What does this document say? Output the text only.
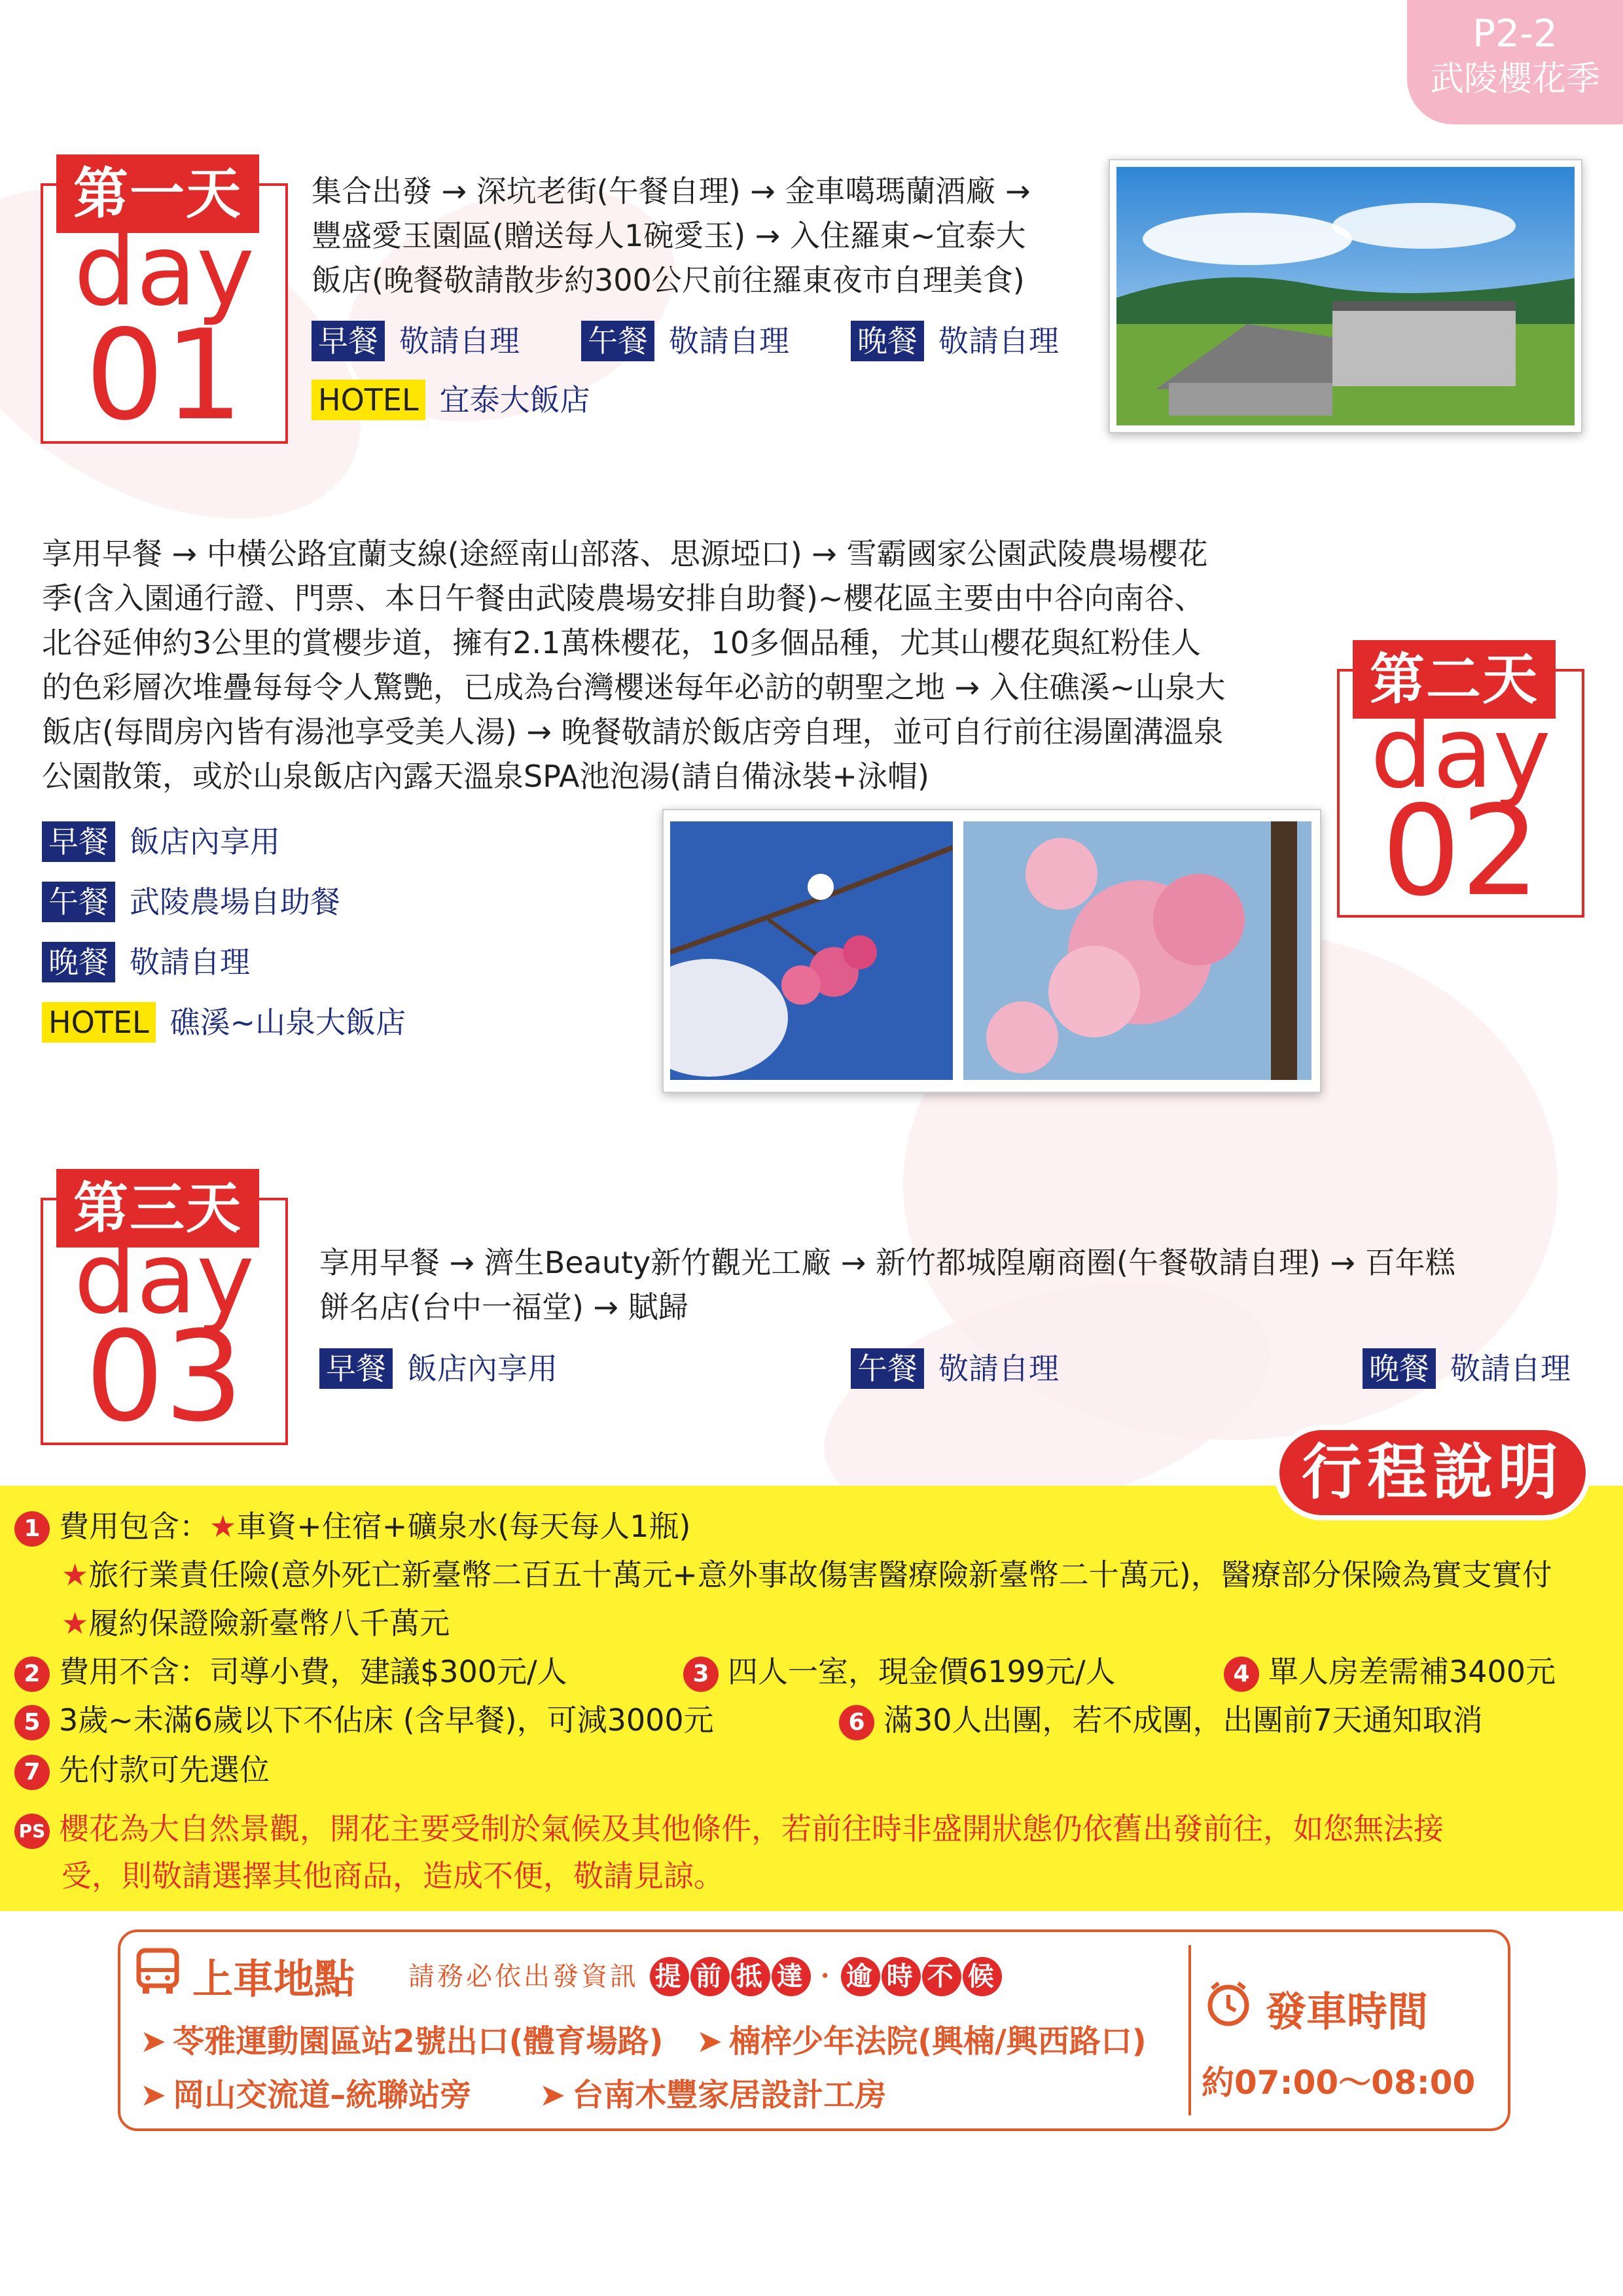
P2-2
武陵櫻花季
第一天
day
01
集合出發 → 深坑老街(午餐自理) → 金車噶瑪蘭酒廠 →
豐盛愛玉園區(贈送每人1碗愛玉) → 入住羅東~宜泰大
飯店(晚餐敬請散步約300公尺前往羅東夜市自理美食)
早餐 敬請自理 午餐 敬請自理 晚餐 敬請自理
HOTEL 宜泰大飯店
享用早餐 → 中橫公路宜蘭支線(途經南山部落、思源埡口) → 雪霸國家公園武陵農場櫻花
季(含入園通行證、門票、本日午餐由武陵農場安排自助餐)~櫻花區主要由中谷向南谷、
北谷延伸約3公里的賞櫻步道，擁有2.1萬株櫻花，10多個品種，尤其山櫻花與紅粉佳人
的色彩層次堆疊每每令人驚艷，已成為台灣櫻迷每年必訪的朝聖之地 → 入住礁溪~山泉大
飯店(每間房內皆有湯池享受美人湯) → 晚餐敬請於飯店旁自理，並可自行前往湯圍溝溫泉
公園散策，或於山泉飯店內露天溫泉SPA池泡湯(請自備泳裝+泳帽)
第二天
day
02
早餐 飯店內享用
午餐 武陵農場自助餐
晚餐 敬請自理
HOTEL 礁溪~山泉大飯店
第三天
day
03
享用早餐 → 濟生Beauty新竹觀光工廠 → 新竹都城隍廟商圈(午餐敬請自理) → 百年糕
餅名店(台中一福堂) → 賦歸
早餐 飯店內享用	午餐 敬請自理	晚餐 敬請自理
行程說明
1 費用包含：★車資+住宿+礦泉水(每天每人1瓶)
★旅行業責任險(意外死亡新臺幣二百五十萬元+意外事故傷害醫療險新臺幣二十萬元)，醫療部分保險為實支實付
★履約保證險新臺幣八千萬元
2 費用不含：司導小費，建議$300元/人	3 四人一室，現金價6199元/人	4 單人房差需補3400元
5 3歲~未滿6歲以下不佔床 (含早餐)，可減3000元	6 滿30人出團，若不成團，出團前7天通知取消
7 先付款可先選位
PS 櫻花為大自然景觀，開花主要受制於氣候及其他條件，若前往時非盛開狀態仍依舊出發前往，如您無法接
受，則敬請選擇其他商品，造成不便，敬請見諒。
上車地點 請務必依出發資訊 提 前 抵 達 ・ 逾 時 不 候
➤ 苓雅運動園區站2號出口(體育場路) ➤ 楠梓少年法院(興楠/興西路口)
➤ 岡山交流道–統聯站旁 ➤ 台南木豐家居設計工房
發車時間
約07:00～08:00
